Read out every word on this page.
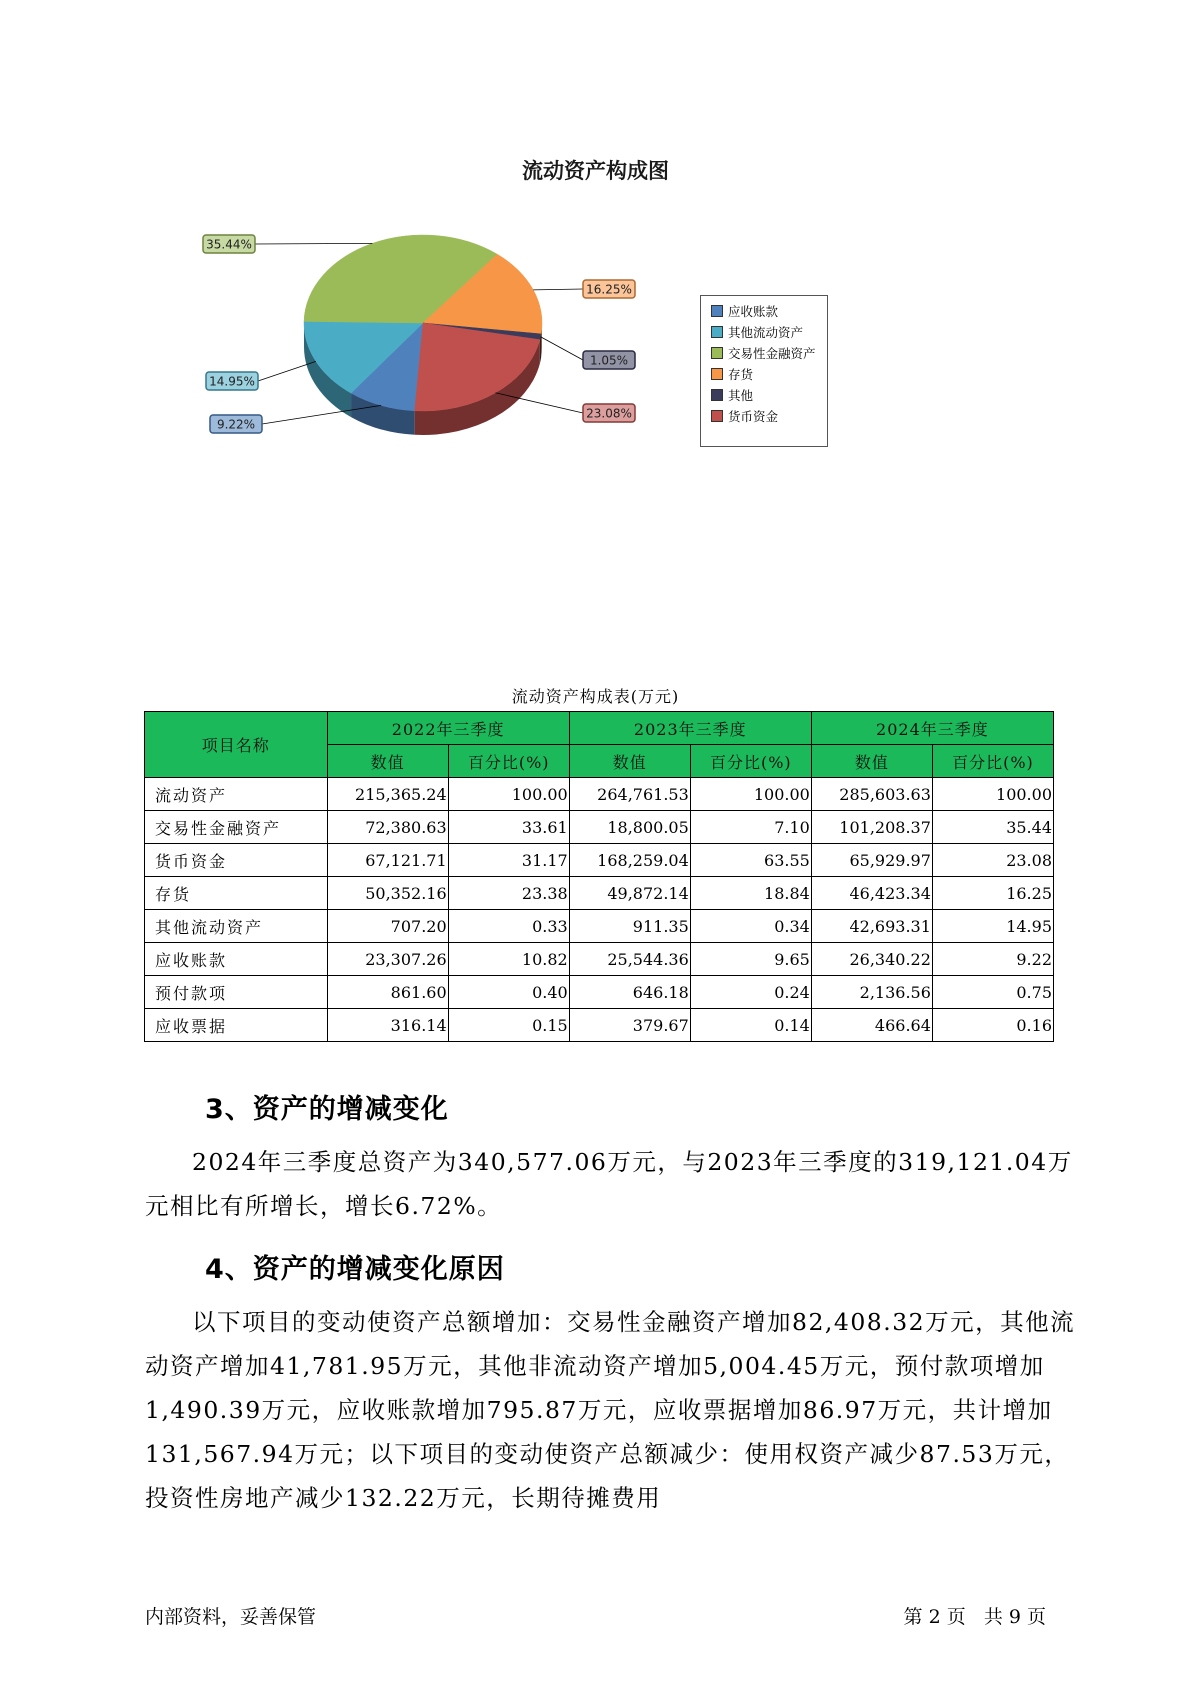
流动资产构成图
9.22%
14.95%
35.44%
16.25%
1.05%
23.08%
应收账款
其他流动资产
交易性金融资产
存货
其他
货币资金
流动资产构成表(万元)
项目名称	2022年三季度		2023年三季度		2024年三季度	
	数值	百分比(%)	数值	百分比(%)	数值	百分比(%)
流动资产	215,365.24	100.00	264,761.53	100.00	285,603.63	100.00
交易性金融资产	72,380.63	33.61	18,800.05	7.10	101,208.37	35.44
货币资金	67,121.71	31.17	168,259.04	63.55	65,929.97	23.08
存货	50,352.16	23.38	49,872.14	18.84	46,423.34	16.25
其他流动资产	707.20	0.33	911.35	0.34	42,693.31	14.95
应收账款	23,307.26	10.82	25,544.36	9.65	26,340.22	9.22
预付款项	861.60	0.40	646.18	0.24	2,136.56	0.75
应收票据	316.14	0.15	379.67	0.14	466.64	0.16
3、资产的增减变化
2024年三季度总资产为340,577.06万元，与2023年三季度的319,121.04万元相比有所增长，增长6.72%。
4、资产的增减变化原因
以下项目的变动使资产总额增加：交易性金融资产增加82,408.32万元，其他流动资产增加41,781.95万元，其他非流动资产增加5,004.45万元，预付款项增加1,490.39万元，应收账款增加795.87万元，应收票据增加86.97万元，共计增加131,567.94万元；以下项目的变动使资产总额减少：使用权资产减少87.53万元，投资性房地产减少132.22万元，长期待摊费用
内部资料，妥善保管	第 2 页   共 9 页
